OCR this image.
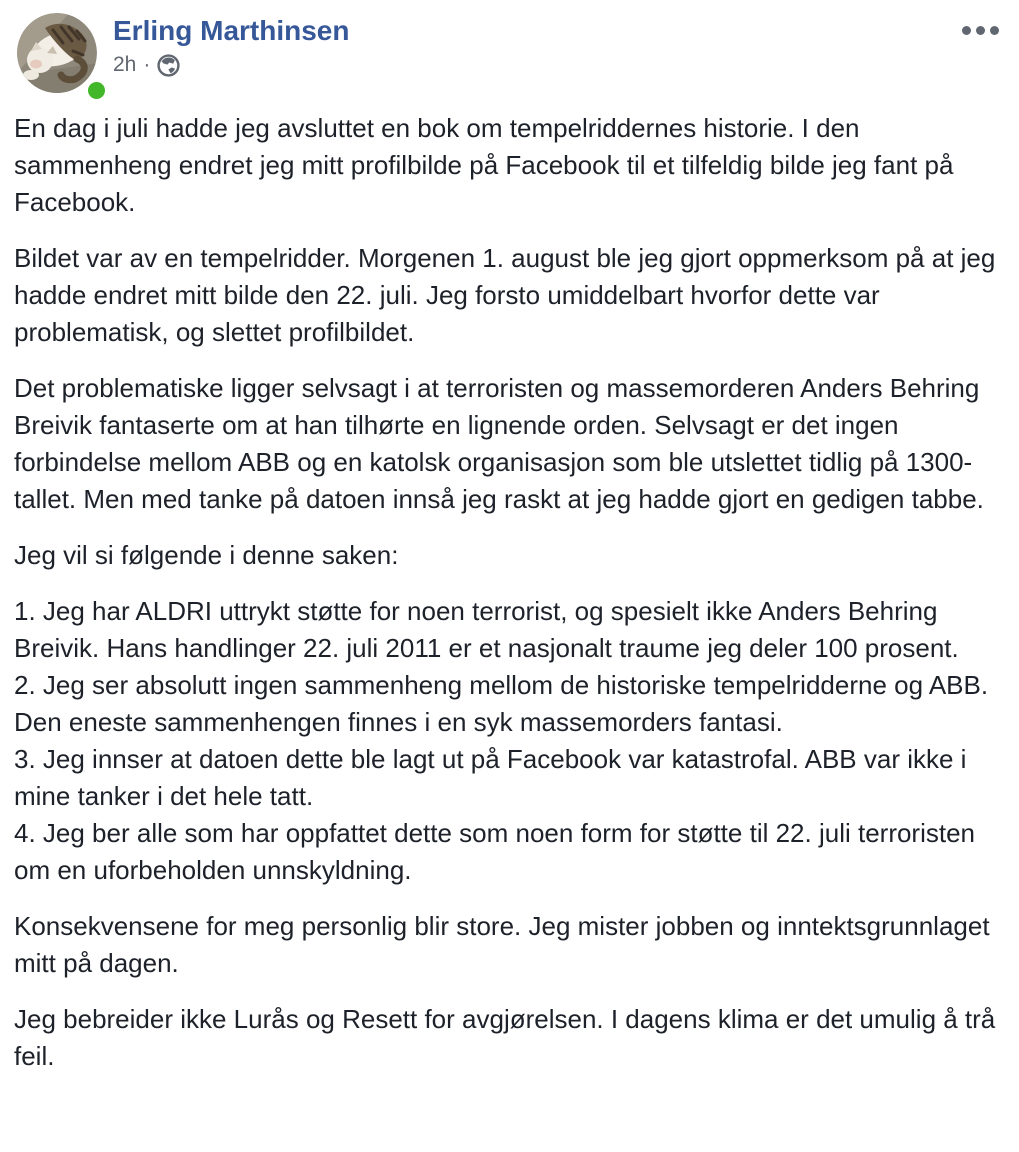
Erling Marthinsen
2h ·

En dag i juli hadde jeg avsluttet en bok om tempelriddernes historie. I den sammenheng endret jeg mitt profilbilde på Facebook til et tilfeldig bilde jeg fant på Facebook.

Bildet var av en tempelridder. Morgenen 1. august ble jeg gjort oppmerksom på at jeg hadde endret mitt bilde den 22. juli. Jeg forsto umiddelbart hvorfor dette var problematisk, og slettet profilbildet.

Det problematiske ligger selvsagt i at terroristen og massemorderen Anders Behring Breivik fantaserte om at han tilhørte en lignende orden. Selvsagt er det ingen forbindelse mellom ABB og en katolsk organisasjon som ble utslettet tidlig på 1300-tallet. Men med tanke på datoen innså jeg raskt at jeg hadde gjort en gedigen tabbe.

Jeg vil si følgende i denne saken:

1. Jeg har ALDRI uttrykt støtte for noen terrorist, og spesielt ikke Anders Behring Breivik. Hans handlinger 22. juli 2011 er et nasjonalt traume jeg deler 100 prosent.
2. Jeg ser absolutt ingen sammenheng mellom de historiske tempelridderne og ABB. Den eneste sammenhengen finnes i en syk massemorders fantasi.
3. Jeg innser at datoen dette ble lagt ut på Facebook var katastrofal. ABB var ikke i mine tanker i det hele tatt.
4. Jeg ber alle som har oppfattet dette som noen form for støtte til 22. juli terroristen om en uforbeholden unnskyldning.

Konsekvensene for meg personlig blir store. Jeg mister jobben og inntektsgrunnlaget mitt på dagen.

Jeg bebreider ikke Lurås og Resett for avgjørelsen. I dagens klima er det umulig å trå feil.
